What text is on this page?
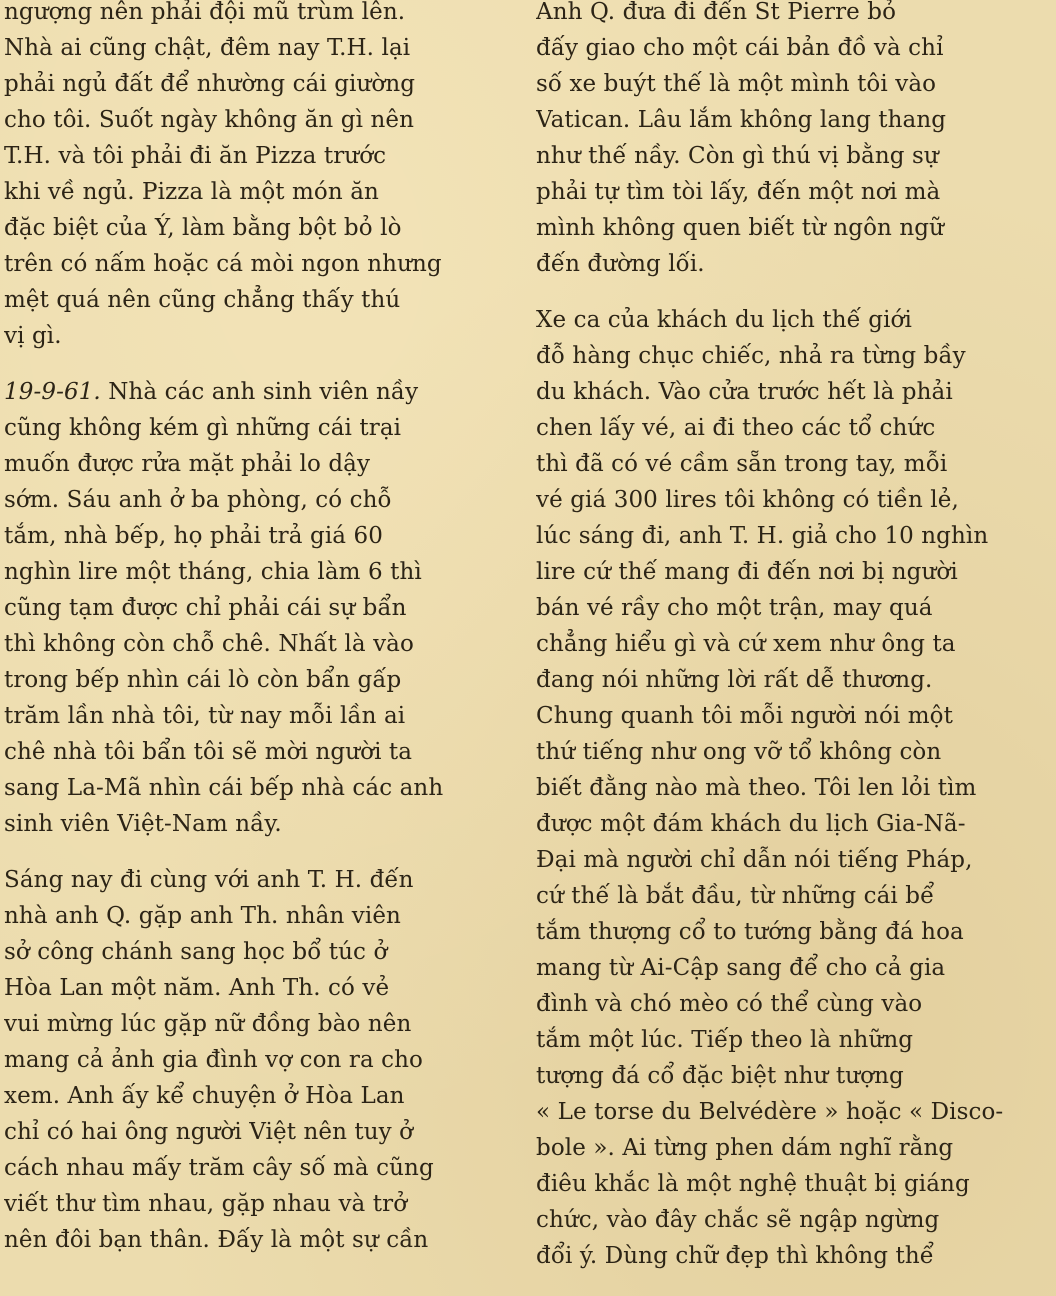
ngượng nên phải đội mũ trùm lên.
Nhà ai cũng chật, đêm nay T.H. lại
phải ngủ đất để nhường cái giường
cho tôi. Suốt ngày không ăn gì nên
T.H. và tôi phải đi ăn Pizza trước
khi về ngủ. Pizza là một món ăn
đặc biệt của Ý, làm bằng bột bỏ lò
trên có nấm hoặc cá mòi ngon nhưng
mệt quá nên cũng chẳng thấy thú
vị gì.
19-9-61. Nhà các anh sinh viên nầy
cũng không kém gì những cái trại
muốn được rửa mặt phải lo dậy
sớm. Sáu anh ở ba phòng, có chỗ
tắm, nhà bếp, họ phải trả giá 60
nghìn lire một tháng, chia làm 6 thì
cũng tạm được chỉ phải cái sự bẩn
thì không còn chỗ chê. Nhất là vào
trong bếp nhìn cái lò còn bẩn gấp
trăm lần nhà tôi, từ nay mỗi lần ai
chê nhà tôi bẩn tôi sẽ mời người ta
sang La-Mã nhìn cái bếp nhà các anh
sinh viên Việt-Nam nầy.
Sáng nay đi cùng với anh T. H. đến
nhà anh Q. gặp anh Th. nhân viên
sở công chánh sang học bổ túc ở
Hòa Lan một năm. Anh Th. có vẻ
vui mừng lúc gặp nữ đồng bào nên
mang cả ảnh gia đình vợ con ra cho
xem. Anh ấy kể chuyện ở Hòa Lan
chỉ có hai ông người Việt nên tuy ở
cách nhau mấy trăm cây số mà cũng
viết thư tìm nhau, gặp nhau và trở
nên đôi bạn thân. Đấy là một sự cần
Anh Q. đưa đi đến St Pierre bỏ
đấy giao cho một cái bản đồ và chỉ
số xe buýt thế là một mình tôi vào
Vatican. Lâu lắm không lang thang
như thế nầy. Còn gì thú vị bằng sự
phải tự tìm tòi lấy, đến một nơi mà
mình không quen biết từ ngôn ngữ
đến đường lối.
Xe ca của khách du lịch thế giới
đỗ hàng chục chiếc, nhả ra từng bầy
du khách. Vào cửa trước hết là phải
chen lấy vé, ai đi theo các tổ chức
thì đã có vé cầm sẵn trong tay, mỗi
vé giá 300 lires tôi không có tiền lẻ,
lúc sáng đi, anh T. H. giả cho 10 nghìn
lire cứ thế mang đi đến nơi bị người
bán vé rầy cho một trận, may quá
chẳng hiểu gì và cứ xem như ông ta
đang nói những lời rất dễ thương.
Chung quanh tôi mỗi người nói một
thứ tiếng như ong vỡ tổ không còn
biết đằng nào mà theo. Tôi len lỏi tìm
được một đám khách du lịch Gia-Nã-
Đại mà người chỉ dẫn nói tiếng Pháp,
cứ thế là bắt đầu, từ những cái bể
tắm thượng cổ to tướng bằng đá hoa
mang từ Ai-Cập sang để cho cả gia
đình và chó mèo có thể cùng vào
tắm một lúc. Tiếp theo là những
tượng đá cổ đặc biệt như tượng
« Le torse du Belvédère » hoặc « Disco-
bole ». Ai từng phen dám nghĩ rằng
điêu khắc là một nghệ thuật bị giáng
chức, vào đây chắc sẽ ngập ngừng
đổi ý. Dùng chữ đẹp thì không thể
